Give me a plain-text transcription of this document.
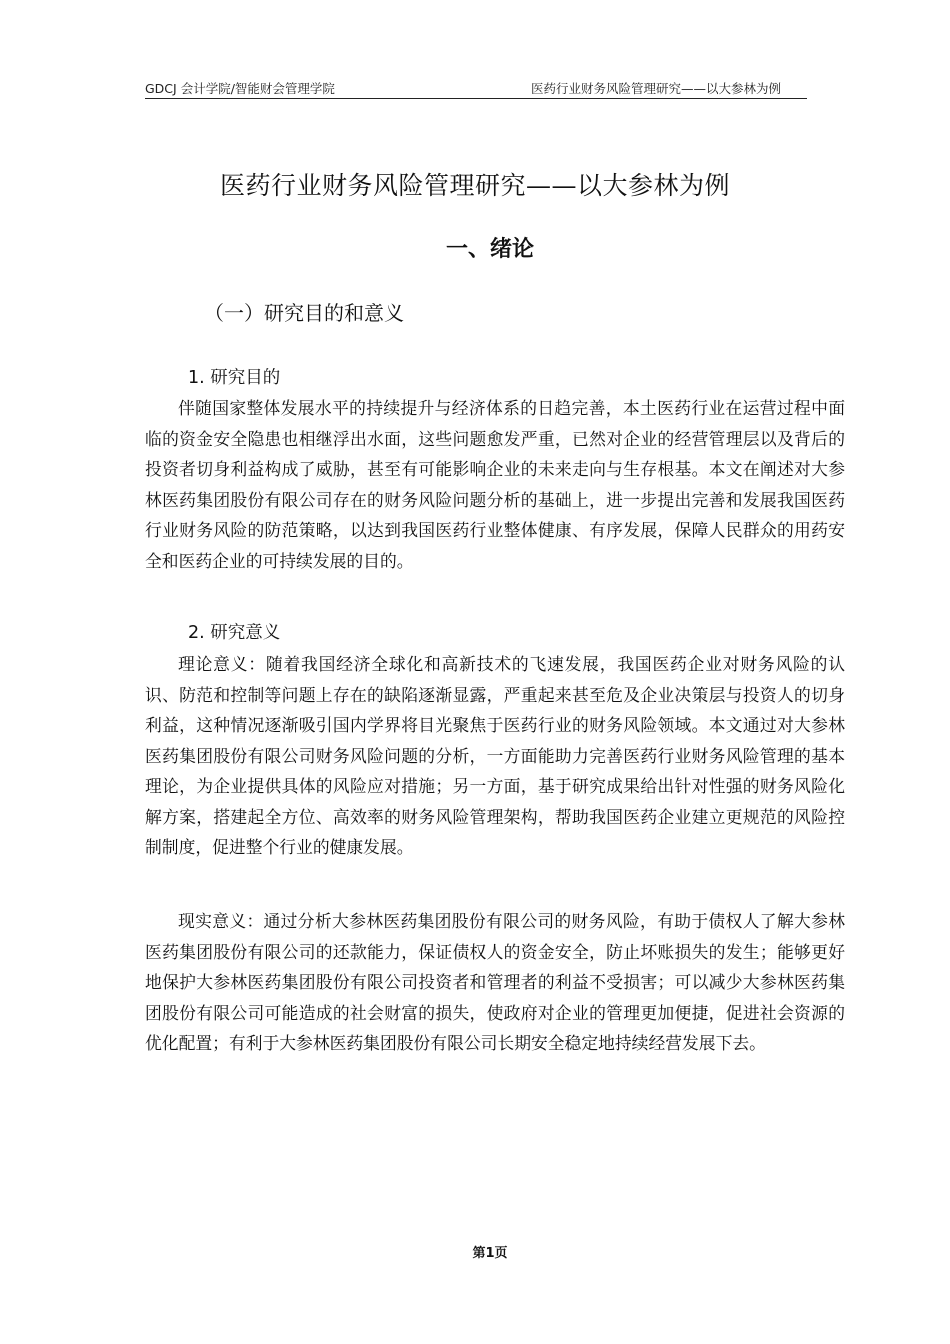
GDCJ 会计学院/智能财会管理学院	医药行业财务风险管理研究——以大参林为例
医药行业财务风险管理研究——以大参林为例
一、绪论
（一）研究目的和意义
1. 研究目的

伴随国家整体发展水平的持续提升与经济体系的日趋完善，本土医药行业在运营过程中面临的资金安全隐患也相继浮出水面，这些问题愈发严重，已然对企业的经营管理层以及背后的投资者切身利益构成了威胁，甚至有可能影响企业的未来走向与生存根基。本文在阐述对大参林医药集团股份有限公司存在的财务风险问题分析的基础上，进一步提出完善和发展我国医药行业财务风险的防范策略，以达到我国医药行业整体健康、有序发展，保障人民群众的用药安全和医药企业的可持续发展的目的。

2. 研究意义

理论意义：随着我国经济全球化和高新技术的飞速发展，我国医药企业对财务风险的认识、防范和控制等问题上存在的缺陷逐渐显露，严重起来甚至危及企业决策层与投资人的切身利益，这种情况逐渐吸引国内学界将目光聚焦于医药行业的财务风险领域。本文通过对大参林医药集团股份有限公司财务风险问题的分析，一方面能助力完善医药行业财务风险管理的基本理论，为企业提供具体的风险应对措施；另一方面，基于研究成果给出针对性强的财务风险化解方案，搭建起全方位、高效率的财务风险管理架构，帮助我国医药企业建立更规范的风险控制制度，促进整个行业的健康发展。

现实意义：通过分析大参林医药集团股份有限公司的财务风险，有助于债权人了解大参林医药集团股份有限公司的还款能力，保证债权人的资金安全，防止坏账损失的发生；能够更好地保护大参林医药集团股份有限公司投资者和管理者的利益不受损害；可以减少大参林医药集团股份有限公司可能造成的社会财富的损失，使政府对企业的管理更加便捷，促进社会资源的优化配置；有利于大参林医药集团股份有限公司长期安全稳定地持续经营发展下去。

第1页
